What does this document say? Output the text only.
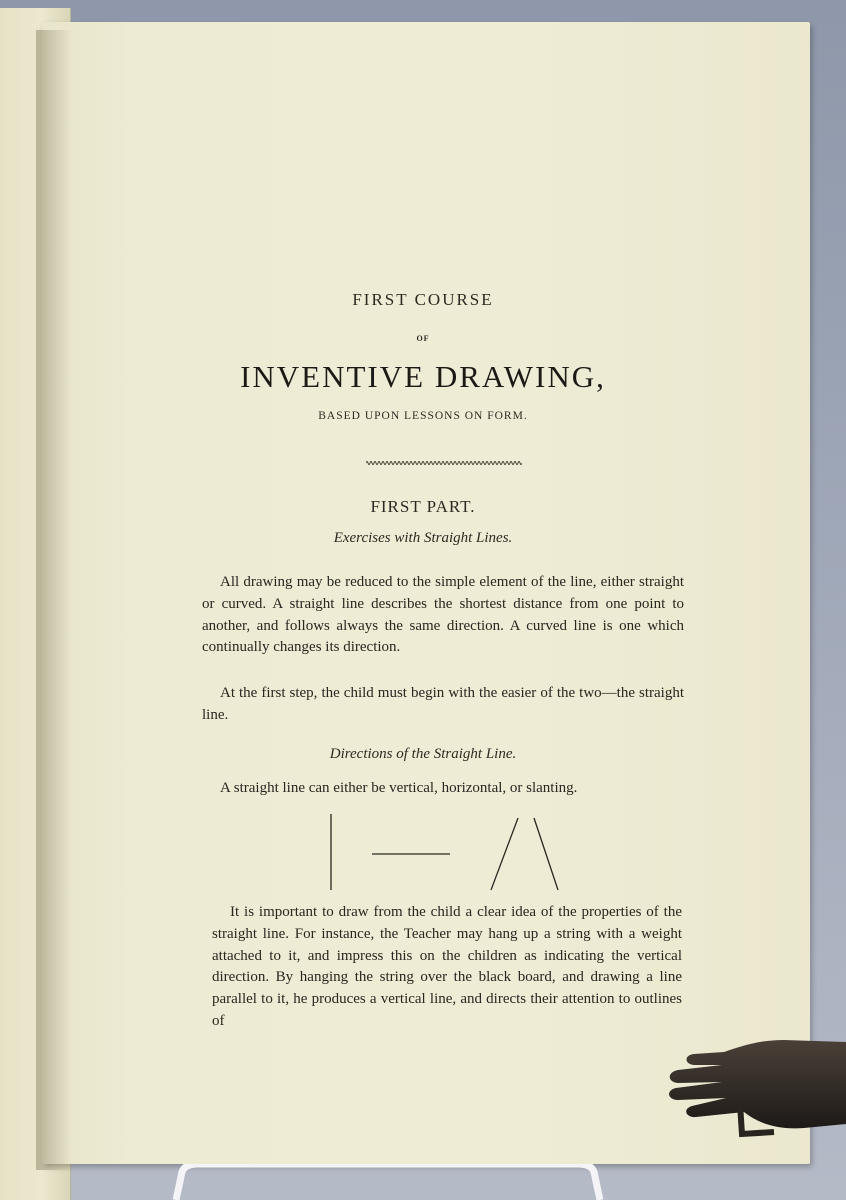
FIRST COURSE
OF
INVENTIVE DRAWING,
BASED UPON LESSONS ON FORM.
FIRST PART.
Exercises with Straight Lines.

All drawing may be reduced to the simple element of the line, either straight or curved. A straight line describes the shortest distance from one point to another, and follows always the same direction. A curved line is one which continually changes its direction.

At the first step, the child must begin with the easier of the two—the straight line.

Directions of the Straight Line.

A straight line can either be vertical, horizontal, or slanting.

It is important to draw from the child a clear idea of the properties of the straight line. For instance, the Teacher may hang up a string with a weight attached to it, and impress this on the children as indicating the vertical direction. By hanging the string over the black board, and drawing a line parallel to it, he produces a vertical line, and directs their attention to outlines of
